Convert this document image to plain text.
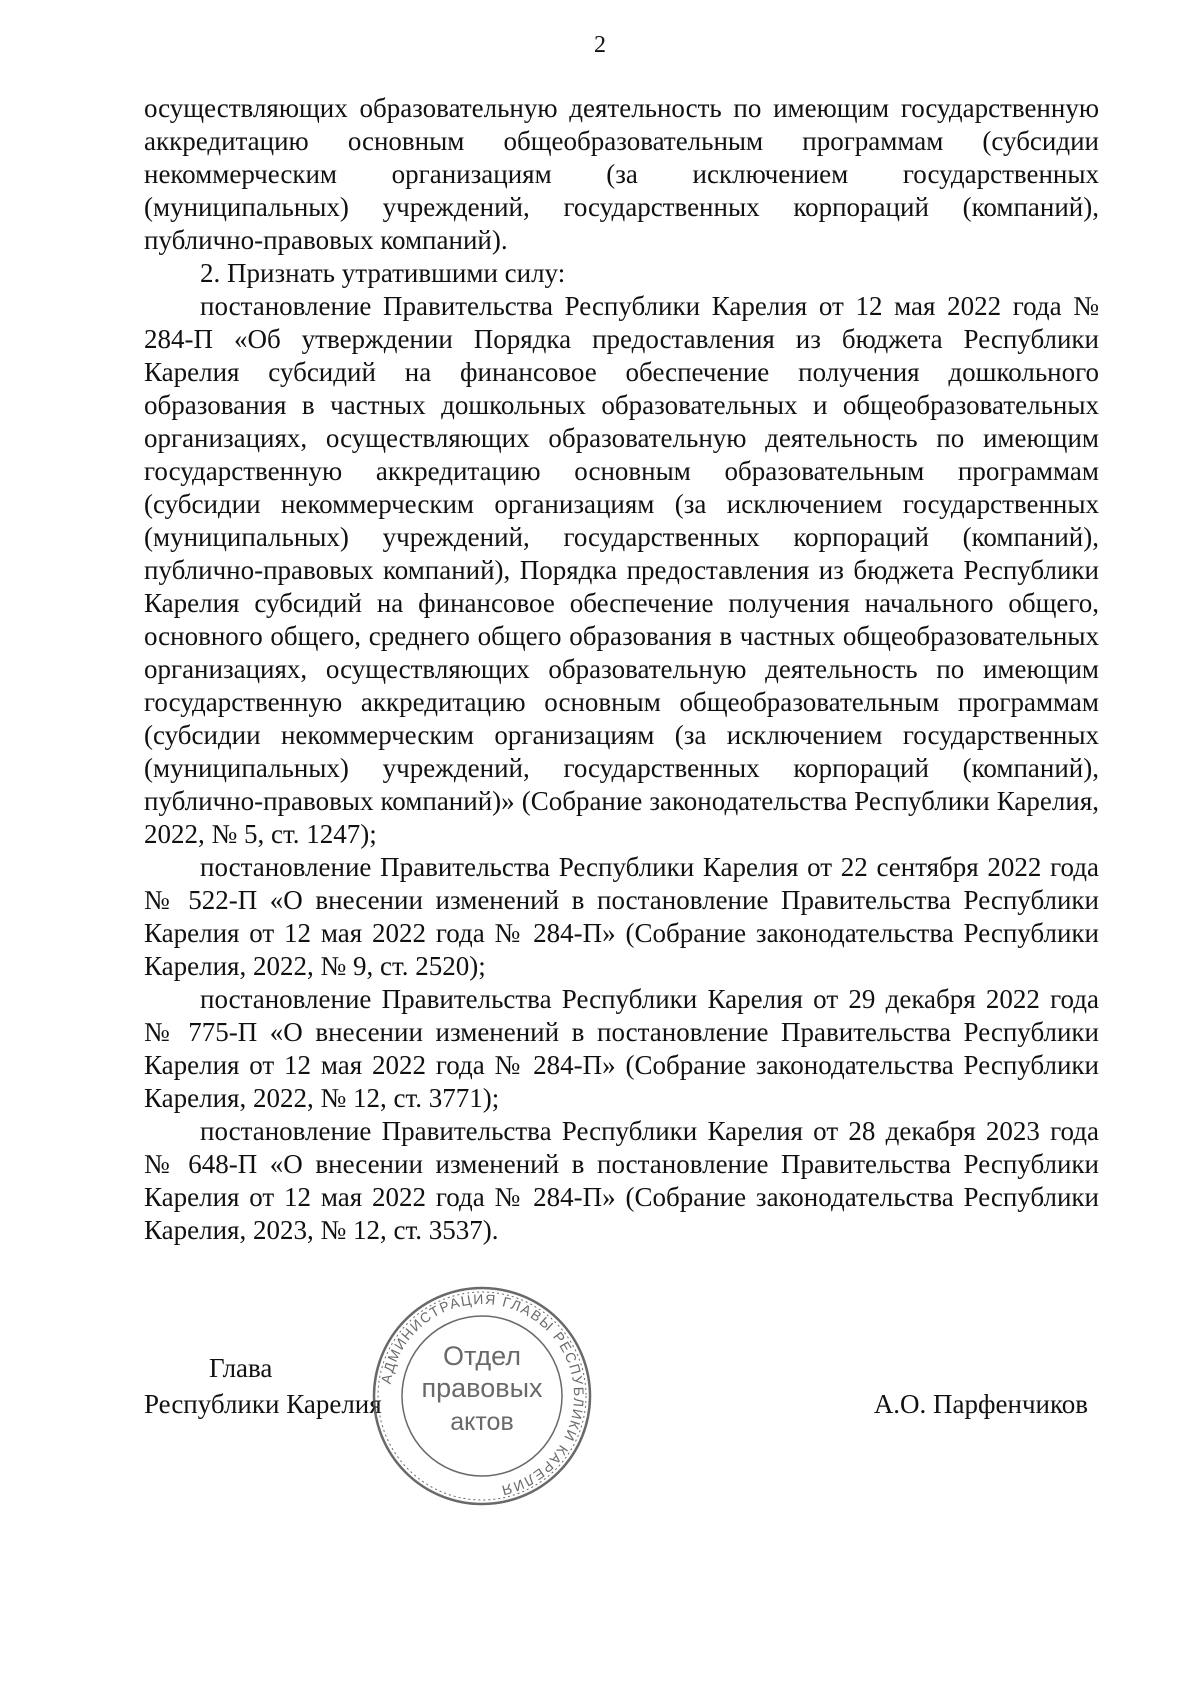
2

осуществляющих образовательную деятельность по имеющим государственную аккредитацию основным общеобразовательным программам (субсидии некоммерческим организациям (за исключением государственных (муниципальных) учреждений, государственных корпораций (компаний), публично-правовых компаний).

2. Признать утратившими силу:

постановление Правительства Республики Карелия от 12 мая 2022 года № 284-П «Об утверждении Порядка предоставления из бюджета Республики Карелия субсидий на финансовое обеспечение получения дошкольного образования в частных дошкольных образовательных и общеобразовательных организациях, осуществляющих образовательную деятельность по имеющим государственную аккредитацию основным образовательным программам (субсидии некоммерческим организациям (за исключением государственных (муниципальных) учреждений, государственных корпораций (компаний), публично-правовых компаний), Порядка предоставления из бюджета Республики Карелия субсидий на финансовое обеспечение получения начального общего, основного общего, среднего общего образования в частных общеобразовательных организациях, осуществляющих образовательную деятельность по имеющим государственную аккредитацию основным общеобразовательным программам (субсидии некоммерческим организациям (за исключением государственных (муниципальных) учреждений, государственных корпораций (компаний), публично-правовых компаний)» (Собрание законодательства Республики Карелия, 2022, № 5, ст. 1247);

постановление Правительства Республики Карелия от 22 сентября 2022 года № 522-П «О внесении изменений в постановление Правительства Республики Карелия от 12 мая 2022 года № 284-П» (Собрание законодательства Республики Карелия, 2022, № 9, ст. 2520);

постановление Правительства Республики Карелия от 29 декабря 2022 года № 775-П «О внесении изменений в постановление Правительства Республики Карелия от 12 мая 2022 года № 284-П» (Собрание законодательства Республики Карелия, 2022, № 12, ст. 3771);

постановление Правительства Республики Карелия от 28 декабря 2023 года № 648-П «О внесении изменений в постановление Правительства Республики Карелия от 12 мая 2022 года № 284-П» (Собрание законодательства Республики Карелия, 2023, № 12, ст. 3537).

Глава
Республики Карелия	А.О. Парфенчиков
АДМИНИСТРАЦИЯ ГЛАВЫ РЕСПУБЛИКИ КАРЕЛИЯ
Отдел
правовых
актов
